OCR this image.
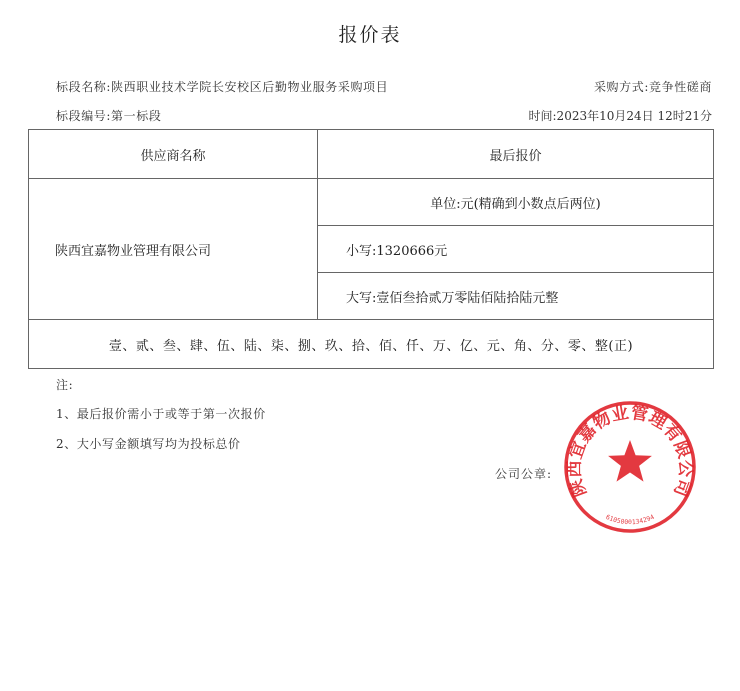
报价表
标段名称:陕西职业技术学院长安校区后勤物业服务采购项目	采购方式:竞争性磋商
标段编号:第一标段	时间:2023年10月24日 12时21分
供应商名称	最后报价
陕西宜嘉物业管理有限公司	单位:元(精确到小数点后两位)
	小写:1320666元
	大写:壹佰叁拾贰万零陆佰陆拾陆元整
壹、贰、叁、肆、伍、陆、柒、捌、玖、拾、佰、仟、万、亿、元、角、分、零、整(正)	
注:
1、最后报价需小于或等于第一次报价
2、大小写金额填写均为投标总价
公司公章:
陕西宜嘉物业管理有限公司
6105000134294
